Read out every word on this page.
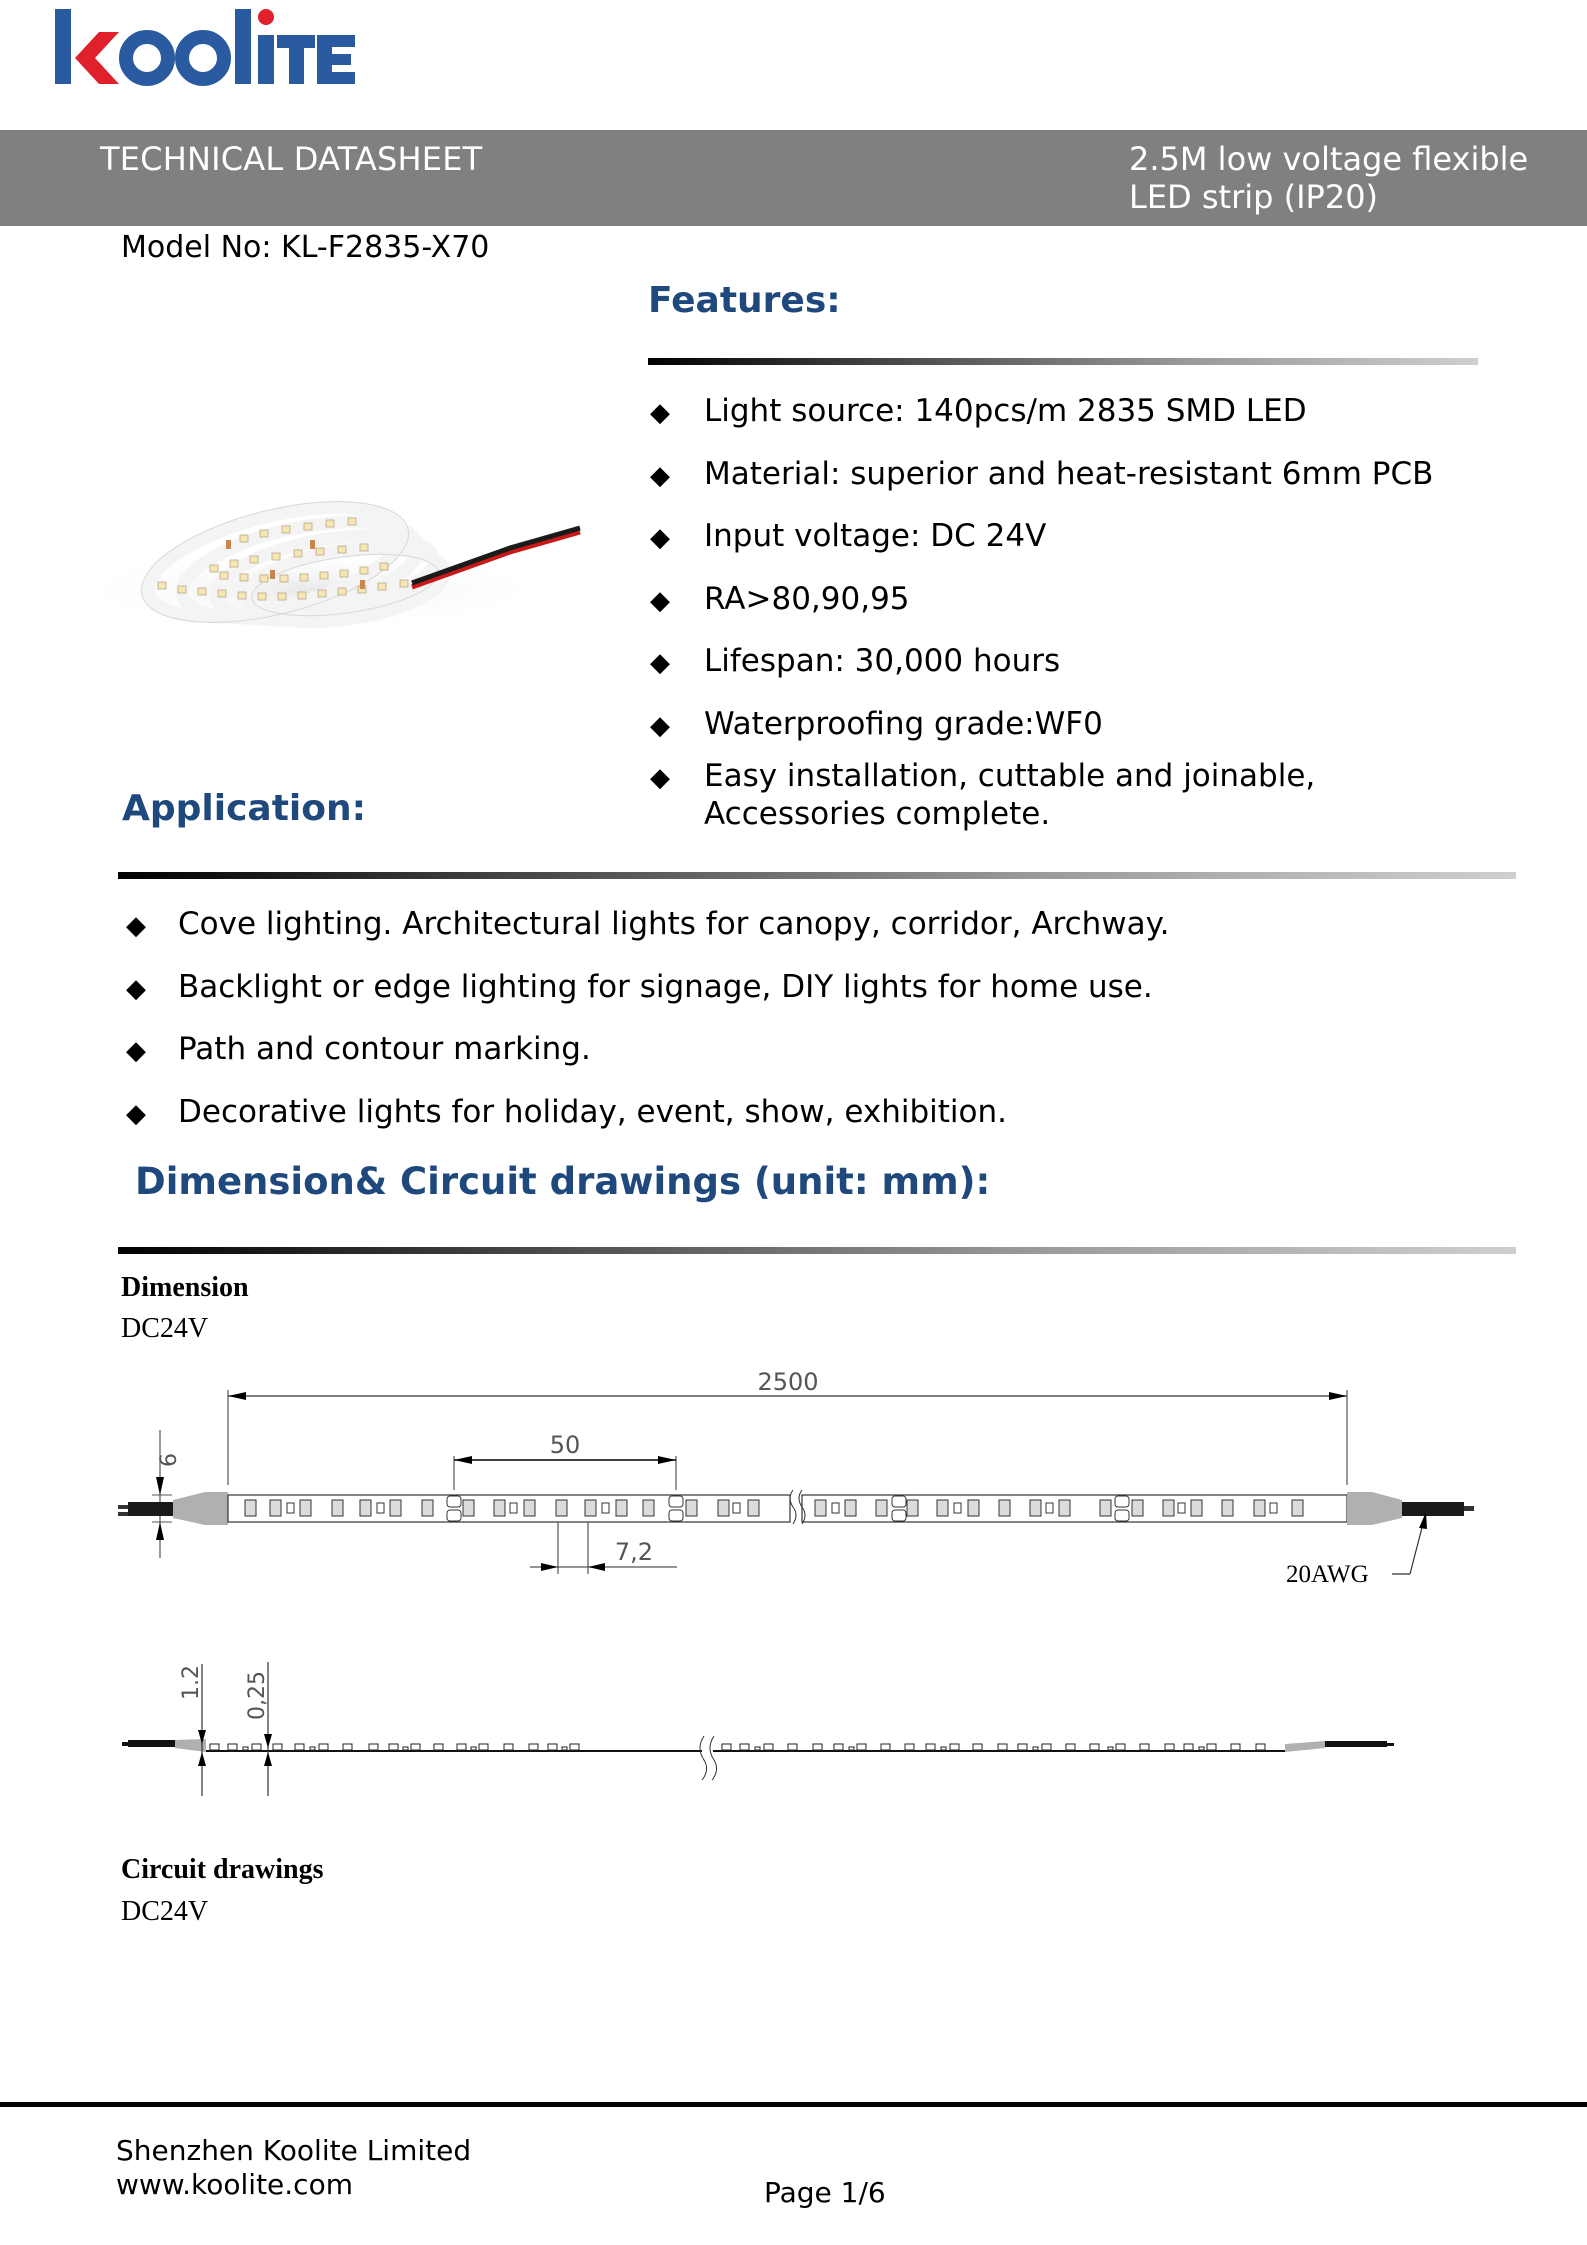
TECHNICAL DATASHEET	2.5M low voltage flexible
LED strip (IP20)
Model No: KL-F2835-X70
Features:
◆ Light source: 140pcs/m 2835 SMD LED
◆ Material: superior and heat-resistant 6mm PCB
◆ Input voltage: DC 24V
◆ RA>80,90,95
◆ Lifespan: 30,000 hours
◆ Waterproofing grade:WF0
◆ Easy installation, cuttable and joinable,
Accessories complete.
Application:
◆ Cove lighting. Architectural lights for canopy, corridor, Archway.
◆ Backlight or edge lighting for signage, DIY lights for home use.
◆ Path and contour marking.
◆ Decorative lights for holiday, event, show, exhibition.
Dimension& Circuit drawings (unit: mm):
Dimension
DC24V
2500
50
6
7,2
20AWG
1.2 0,25
Circuit drawings
DC24V
Shenzhen Koolite Limited
www.koolite.com	Page 1/6
